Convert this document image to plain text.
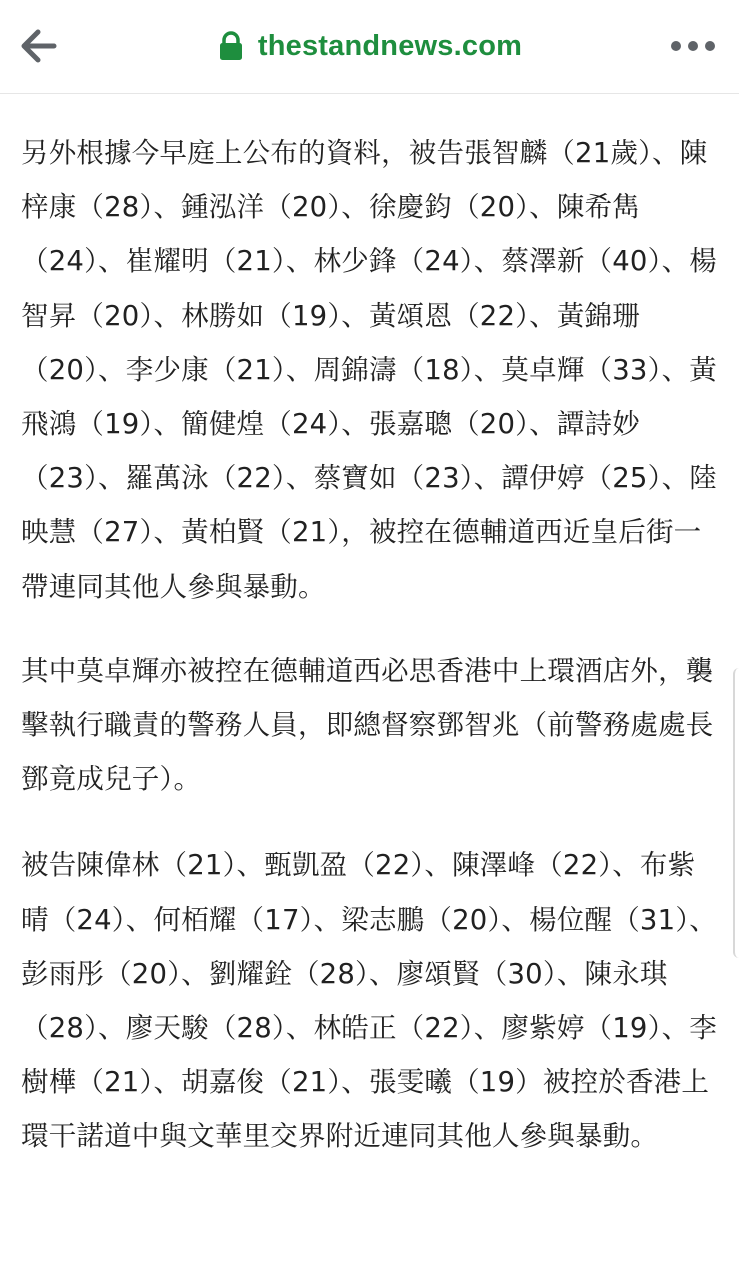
thestandnews.com

另外根據今早庭上公布的資料，被告張智麟（21歲）、陳梓康（28）、鍾泓洋（20）、徐慶鈞（20）、陳希雋（24）、崔耀明（21）、林少鋒（24）、蔡澤新（40）、楊智昇（20）、林勝如（19）、黃頌恩（22）、黃錦珊（20）、李少康（21）、周錦濤（18）、莫卓輝（33）、黃飛鴻（19）、簡健煌（24）、張嘉聰（20）、譚詩妙（23）、羅萬泳（22）、蔡寶如（23）、譚伊婷（25）、陸映慧（27）、黃柏賢（21），被控在德輔道西近皇后街一帶連同其他人參與暴動。

其中莫卓輝亦被控在德輔道西必思香港中上環酒店外，襲擊執行職責的警務人員，即總督察鄧智兆（前警務處處長鄧竟成兒子）。

被告陳偉林（21）、甄凱盈（22）、陳澤峰（22）、布紫晴（24）、何栢耀（17）、梁志鵬（20）、楊位醒（31）、彭雨彤（20）、劉耀銓（28）、廖頌賢（30）、陳永琪（28）、廖天駿（28）、林皓正（22）、廖紫婷（19）、李樹樺（21）、胡嘉俊（21）、張雯曦（19）被控於香港上環干諾道中與文華里交界附近連同其他人參與暴動。
